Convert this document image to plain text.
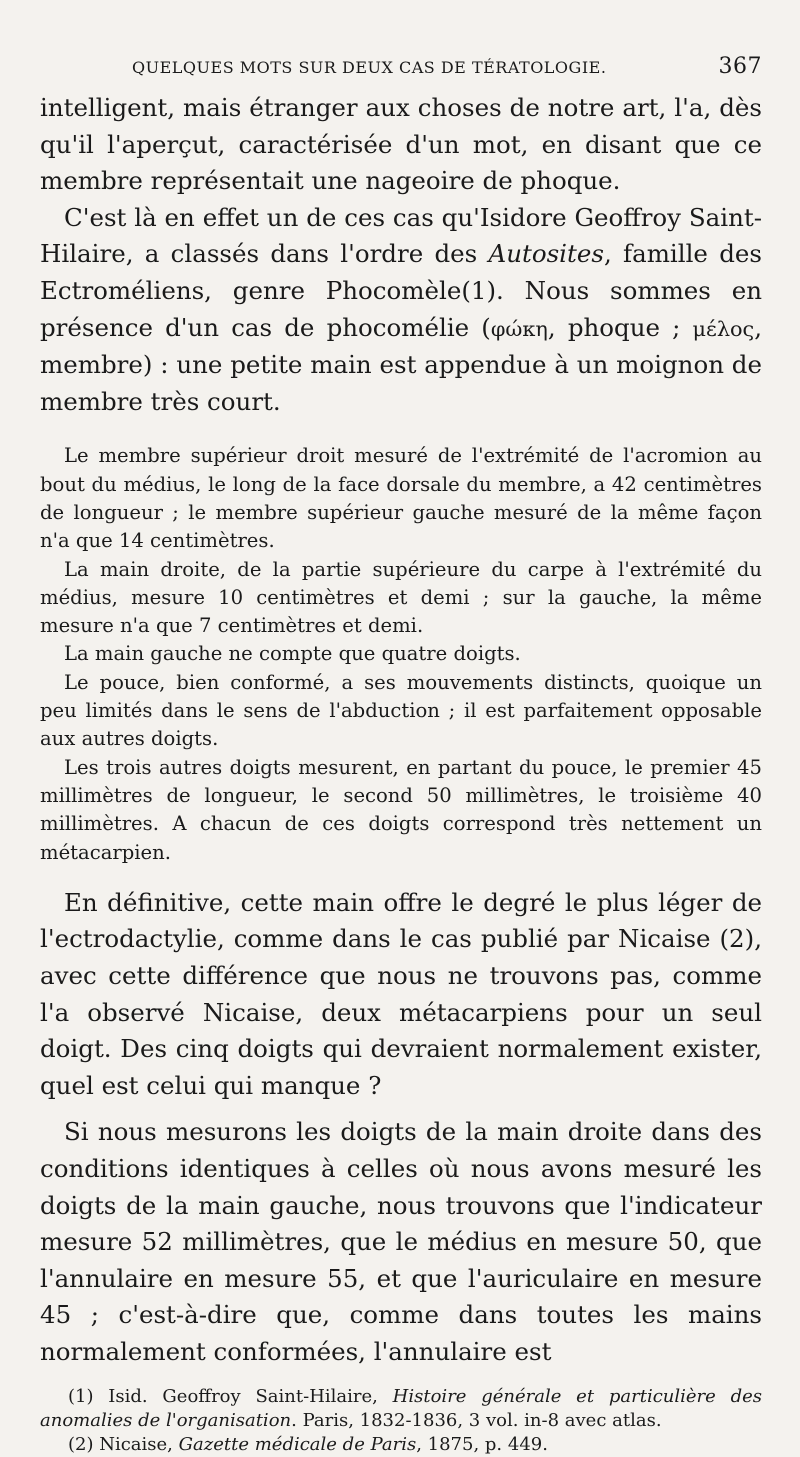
QUELQUES MOTS SUR DEUX CAS DE TÉRATOLOGIE.	367

intelligent, mais étranger aux choses de notre art, l'a, dès qu'il l'aperçut, caractérisée d'un mot, en disant que ce membre représentait une nageoire de phoque.

C'est là en effet un de ces cas qu'Isidore Geoffroy Saint-Hilaire, a classés dans l'ordre des Autosites, famille des Ectroméliens, genre Phocomèle(1). Nous sommes en présence d'un cas de phocomélie (φώκη, phoque ; μέλος, membre) : une petite main est appendue à un moignon de membre très court.

Le membre supérieur droit mesuré de l'extrémité de l'acromion au bout du médius, le long de la face dorsale du membre, a 42 centimètres de longueur ; le membre supérieur gauche mesuré de la même façon n'a que 14 centimètres.

La main droite, de la partie supérieure du carpe à l'extrémité du médius, mesure 10 centimètres et demi ; sur la gauche, la même mesure n'a que 7 centimètres et demi.

La main gauche ne compte que quatre doigts.

Le pouce, bien conformé, a ses mouvements distincts, quoique un peu limités dans le sens de l'abduction ; il est parfaitement opposable aux autres doigts.

Les trois autres doigts mesurent, en partant du pouce, le premier 45 millimètres de longueur, le second 50 millimètres, le troisième 40 millimètres. A chacun de ces doigts correspond très nettement un métacarpien.

En définitive, cette main offre le degré le plus léger de l'ectrodactylie, comme dans le cas publié par Nicaise (2), avec cette différence que nous ne trouvons pas, comme l'a observé Nicaise, deux métacarpiens pour un seul doigt. Des cinq doigts qui devraient normalement exister, quel est celui qui manque ?

Si nous mesurons les doigts de la main droite dans des conditions identiques à celles où nous avons mesuré les doigts de la main gauche, nous trouvons que l'indicateur mesure 52 millimètres, que le médius en mesure 50, que l'annulaire en mesure 55, et que l'auriculaire en mesure 45 ; c'est-à-dire que, comme dans toutes les mains normalement conformées, l'annulaire est

(1) Isid. Geoffroy Saint-Hilaire, Histoire générale et particulière des anomalies de l'organisation. Paris, 1832-1836, 3 vol. in-8 avec atlas.

(2) Nicaise, Gazette médicale de Paris, 1875, p. 449.
